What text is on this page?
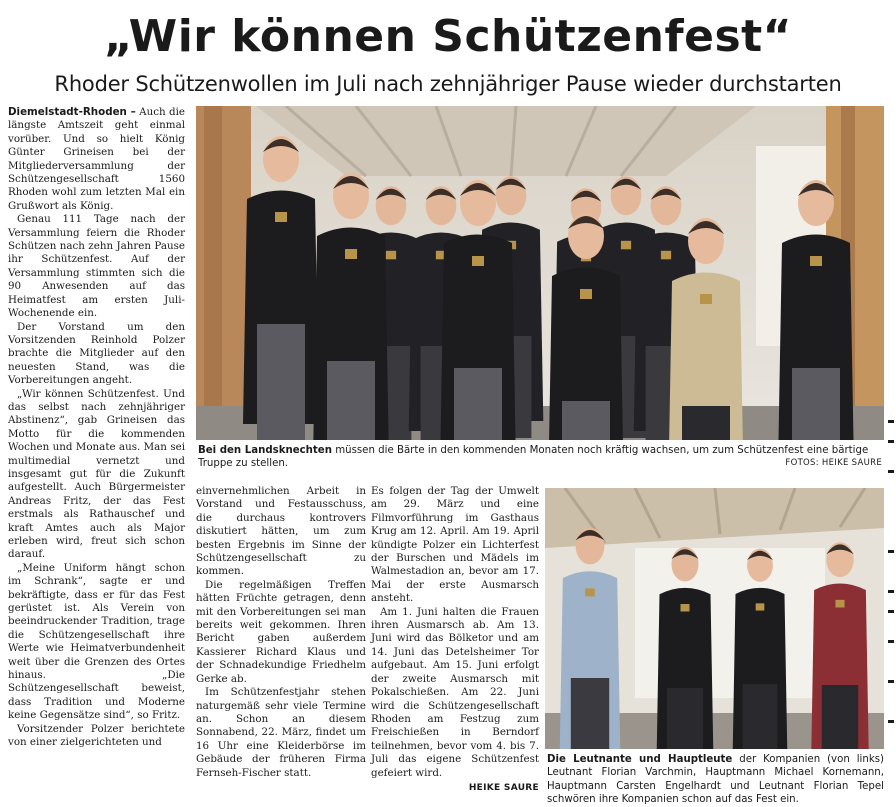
„Wir können Schützenfest“
Rhoder Schützenwollen im Juli nach zehnjähriger Pause wieder durchstarten

Diemelstadt-Rhoden – Auch die längste Amtszeit geht einmal vorüber. Und so hielt König Günter Grineisen bei der Mitgliederversammlung der Schützengesellschaft 1560 Rhoden wohl zum letzten Mal ein Grußwort als König.

Genau 111 Tage nach der Versammlung feiern die Rhoder Schützen nach zehn Jahren Pause ihr Schützenfest. Auf der Versammlung stimmten sich die 90 Anwesenden auf das Heimatfest am ersten Juli-Wochenende ein.

Der Vorstand um den Vorsitzenden Reinhold Polzer brachte die Mitglieder auf den neuesten Stand, was die Vorbereitungen angeht.

„Wir können Schützenfest. Und das selbst nach zehnjähriger Abstinenz“, gab Grineisen das Motto für die kommenden Wochen und Monate aus. Man sei multimedial vernetzt und insgesamt gut für die Zukunft aufgestellt. Auch Bürgermeister Andreas Fritz, der das Fest erstmals als Rathauschef und kraft Amtes auch als Major erleben wird, freut sich schon darauf.

„Meine Uniform hängt schon im Schrank“, sagte er und bekräftigte, dass er für das Fest gerüstet ist. Als Verein von beeindruckender Tradition, trage die Schützengesellschaft ihre Werte wie Heimatverbundenheit weit über die Grenzen des Ortes hinaus. „Die Schützengesellschaft beweist, dass Tradition und Moderne keine Gegensätze sind“, so Fritz.

Vorsitzender Polzer berichtete von einer zielgerichteten und

einvernehmlichen Arbeit in Vorstand und Festausschuss, die durchaus kontrovers diskutiert hätten, um zum besten Ergebnis im Sinne der Schützengesellschaft zu kommen.

Die regelmäßigen Treffen hätten Früchte getragen, denn mit den Vorbereitungen sei man bereits weit gekommen. Ihren Bericht gaben außerdem Kassierer Richard Klaus und der Schnadekundige Friedhelm Gerke ab.

Im Schützenfestjahr stehen naturgemäß sehr viele Termine an. Schon an diesem Sonnabend, 22. März, findet um 16 Uhr eine Kleiderbörse im Gebäude der früheren Firma Fernseh-Fischer statt.

Es folgen der Tag der Umwelt am 29. März und eine Filmvorführung im Gasthaus Krug am 12. April. Am 19. April kündigte Polzer ein Lichterfest der Burschen und Mädels im Walmestadion an, bevor am 17. Mai der erste Ausmarsch ansteht.

Am 1. Juni halten die Frauen ihren Ausmarsch ab. Am 13. Juni wird das Bölketor und am 14. Juni das Detelsheimer Tor aufgebaut. Am 15. Juni erfolgt der zweite Ausmarsch mit Pokalschießen. Am 22. Juni wird die Schützengesellschaft Rhoden am Festzug zum Freischießen in Berndorf teilnehmen, bevor vom 4. bis 7. Juli das eigene Schützenfest gefeiert wird.

HEIKE SAURE
Bei den Landsknechten müssen die Bärte in den kommenden Monaten noch kräftig wachsen, um zum Schützenfest eine bärtige Truppe zu stellen.	FOTOS: HEIKE SAURE
Die Leutnante und Hauptleute der Kompanien (von links) Leutnant Florian Varchmin, Hauptmann Michael Kornemann, Hauptmann Carsten Engelhardt und Leutnant Florian Tepel schwören ihre Kompanien schon auf das Fest ein.
